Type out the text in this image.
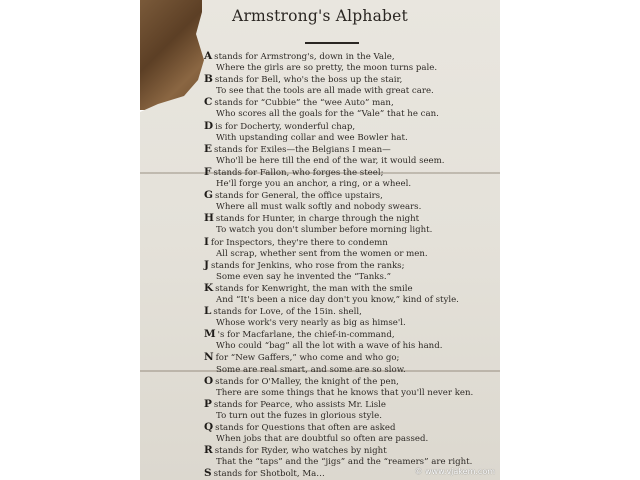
Armstrong's Alphabet
A stands for Armstrong's, down in the Vale,
Where the girls are so pretty, the moon turns pale.
B stands for Bell, who's the boss up the stair,
To see that the tools are all made with great care.
C stands for “Cubbie” the “wee Auto” man,
Who scores all the goals for the “Vale” that he can.
D is for Docherty, wonderful chap,
With upstanding collar and wee Bowler hat.
E stands for Exiles—the Belgians I mean—
Who'll be here till the end of the war, it would seem.
F stands for Fallon, who forges the steel;
He'll forge you an anchor, a ring, or a wheel.
G stands for General, the office upstairs,
Where all must walk softly and nobody swears.
H stands for Hunter, in charge through the night
To watch you don't slumber before morning light.
I for Inspectors, they're there to condemn
All scrap, whether sent from the women or men.
J stands for Jenkins, who rose from the ranks;
Some even say he invented the “Tanks.”
K stands for Kenwright, the man with the smile
And “It's been a nice day don't you know,” kind of style.
L stands for Love, of the 15in. shell,
Whose work's very nearly as big as himse'l.
M 's for Macfarlane, the chief-in-command,
Who could “bag” all the lot with a wave of his hand.
N for “New Gaffers,” who come and who go;
Some are real smart, and some are so slow.
O stands for O'Malley, the knight of the pen,
There are some things that he knows that you'll never ken.
P stands for Pearce, who assists Mr. Lisle
To turn out the fuzes in glorious style.
Q stands for Questions that often are asked
When jobs that are doubtful so often are passed.
R stands for Ryder, who watches by night
That the “taps” and the “jigs” and the “reamers” are right.
S stands for Shotbolt, Ma…	© www.vjakem.com
